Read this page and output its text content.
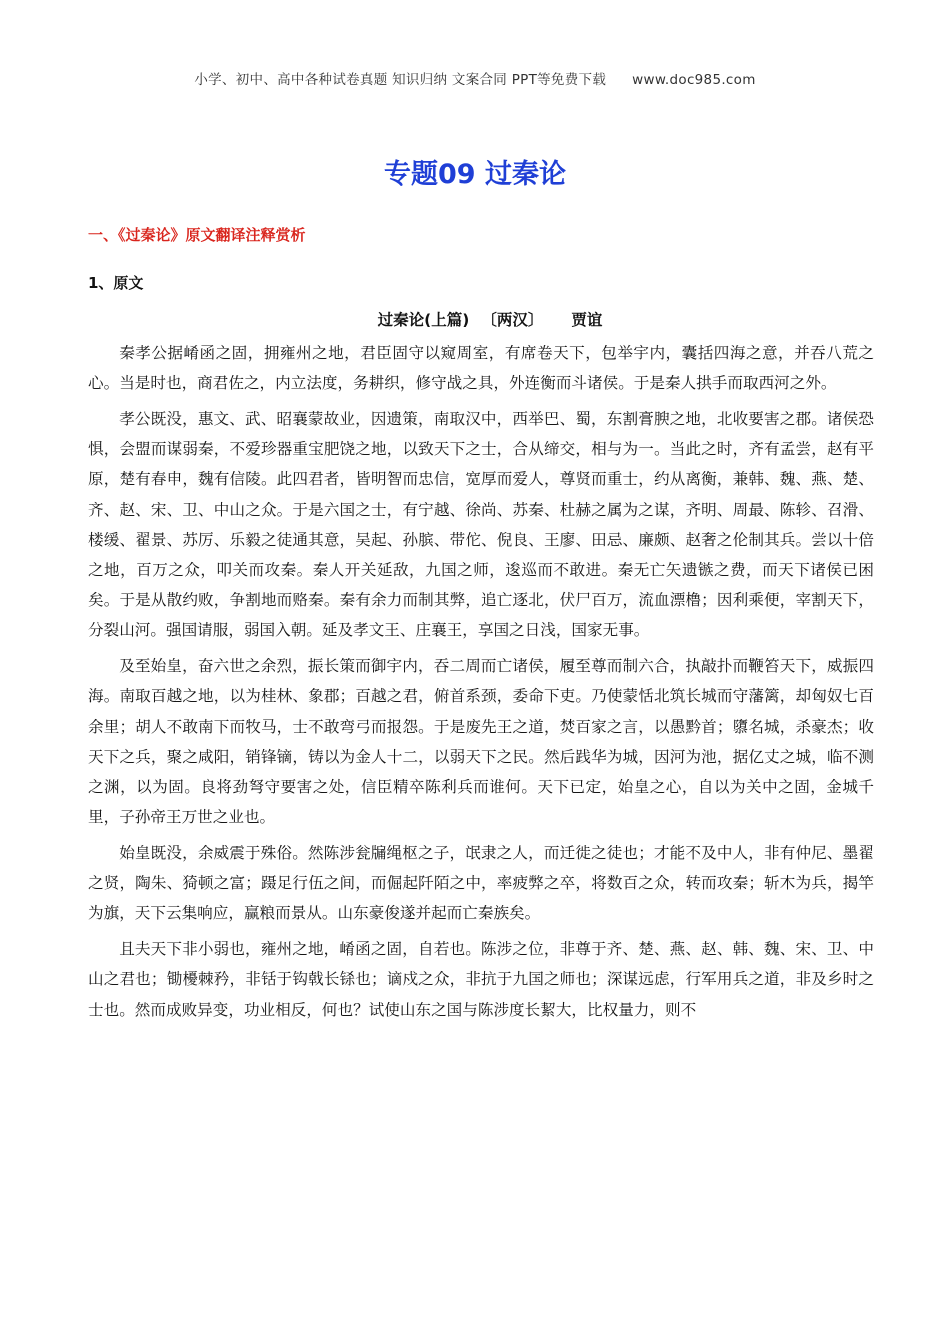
小学、初中、高中各种试卷真题 知识归纳 文案合同 PPT等免费下载 www.doc985.com
专题09 过秦论
一、《过秦论》原文翻译注释赏析
1、原文
过秦论(上篇) 〔两汉〕 贾谊

秦孝公据崤函之固，拥雍州之地，君臣固守以窥周室，有席卷天下，包举宇内，囊括四海之意，并吞八荒之心。当是时也，商君佐之，内立法度，务耕织，修守战之具，外连衡而斗诸侯。于是秦人拱手而取西河之外。

孝公既没，惠文、武、昭襄蒙故业，因遗策，南取汉中，西举巴、蜀，东割膏腴之地，北收要害之郡。诸侯恐惧，会盟而谋弱秦，不爱珍器重宝肥饶之地，以致天下之士，合从缔交，相与为一。当此之时，齐有孟尝，赵有平原，楚有春申，魏有信陵。此四君者，皆明智而忠信，宽厚而爱人，尊贤而重士，约从离衡，兼韩、魏、燕、楚、齐、赵、宋、卫、中山之众。于是六国之士，有宁越、徐尚、苏秦、杜赫之属为之谋，齐明、周最、陈轸、召滑、楼缓、翟景、苏厉、乐毅之徒通其意，吴起、孙膑、带佗、倪良、王廖、田忌、廉颇、赵奢之伦制其兵。尝以十倍之地，百万之众，叩关而攻秦。秦人开关延敌，九国之师，逡巡而不敢进。秦无亡矢遗镞之费，而天下诸侯已困矣。于是从散约败，争割地而赂秦。秦有余力而制其弊，追亡逐北，伏尸百万，流血漂橹；因利乘便，宰割天下，分裂山河。强国请服，弱国入朝。延及孝文王、庄襄王，享国之日浅，国家无事。

及至始皇，奋六世之余烈，振长策而御宇内，吞二周而亡诸侯，履至尊而制六合，执敲扑而鞭笞天下，威振四海。南取百越之地，以为桂林、象郡；百越之君，俯首系颈，委命下吏。乃使蒙恬北筑长城而守藩篱，却匈奴七百余里；胡人不敢南下而牧马，士不敢弯弓而报怨。于是废先王之道，焚百家之言，以愚黔首；隳名城，杀豪杰；收天下之兵，聚之咸阳，销锋镝，铸以为金人十二，以弱天下之民。然后践华为城，因河为池，据亿丈之城，临不测之渊，以为固。良将劲弩守要害之处，信臣精卒陈利兵而谁何。天下已定，始皇之心，自以为关中之固，金城千里，子孙帝王万世之业也。

始皇既没，余威震于殊俗。然陈涉瓮牖绳枢之子，氓隶之人，而迁徙之徒也；才能不及中人，非有仲尼、墨翟之贤，陶朱、猗顿之富；蹑足行伍之间，而倔起阡陌之中，率疲弊之卒，将数百之众，转而攻秦；斩木为兵，揭竿为旗，天下云集响应，赢粮而景从。山东豪俊遂并起而亡秦族矣。

且夫天下非小弱也，雍州之地，崤函之固，自若也。陈涉之位，非尊于齐、楚、燕、赵、韩、魏、宋、卫、中山之君也；锄櫌棘矜，非铦于钩戟长铩也；谪戍之众，非抗于九国之师也；深谋远虑，行军用兵之道，非及乡时之士也。然而成败异变，功业相反，何也？试使山东之国与陈涉度长絜大，比权量力，则不
